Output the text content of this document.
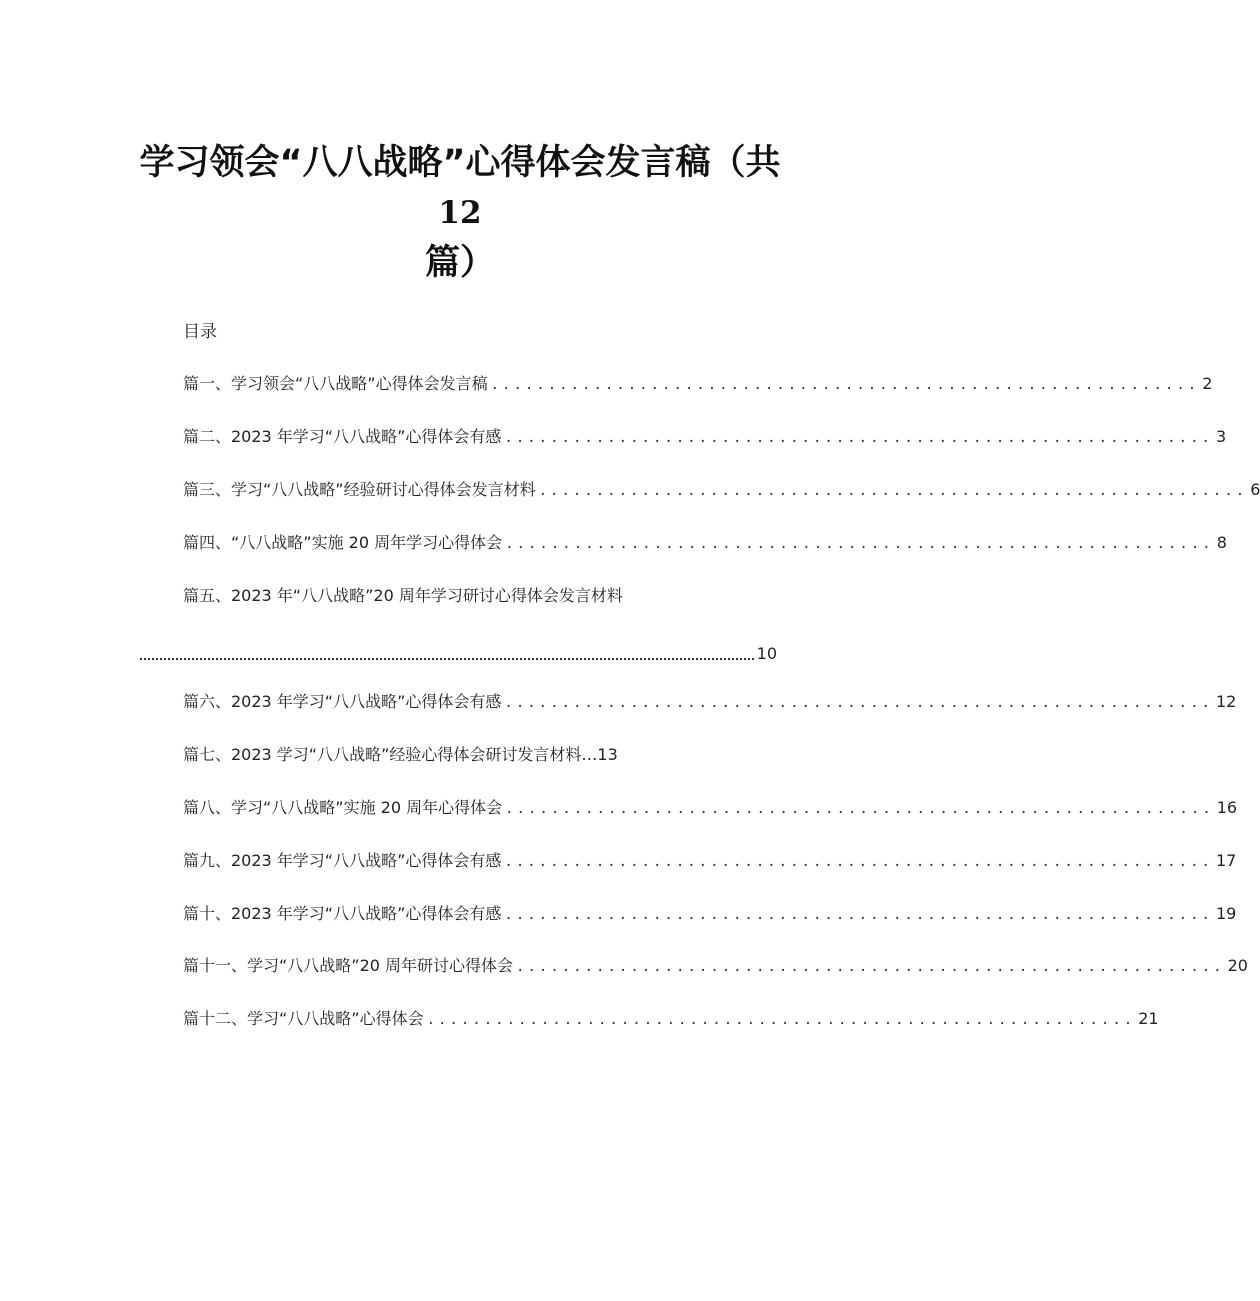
学习领会“八八战略”心得体会发言稿（共
12
篇）
目录
篇一、学习领会“八八战略”心得体会发言稿 .............................................................. 2
篇二、2023 年学习“八八战略”心得体会有感 .............................................................. 3
篇三、学习“八八战略”经验研讨心得体会发言材料 .............................................................. 6
篇四、“八八战略”实施 20 周年学习心得体会 .............................................................. 8
篇五、2023 年“八八战略”20 周年学习研讨心得体会发言材料
10
篇六、2023 年学习“八八战略”心得体会有感 .............................................................. 12
篇七、2023 学习“八八战略”经验心得体会研讨发言材料… 13
篇八、学习“八八战略”实施 20 周年心得体会 .............................................................. 16
篇九、2023 年学习“八八战略”心得体会有感 .............................................................. 17
篇十、2023 年学习“八八战略”心得体会有感 .............................................................. 19
篇十一、学习“八八战略”20 周年研讨心得体会 .............................................................. 20
篇十二、学习“八八战略”心得体会 .............................................................. 21
